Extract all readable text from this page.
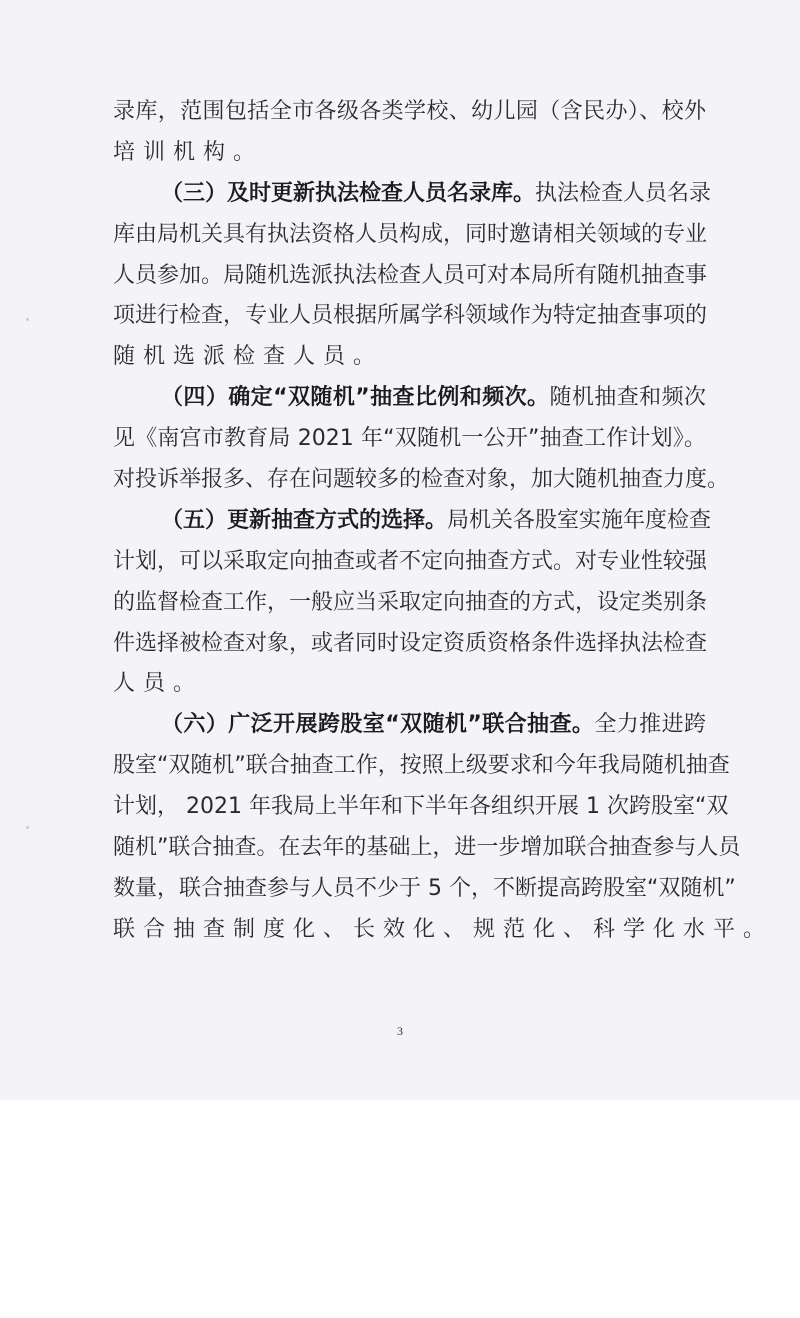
录库，范围包括全市各级各类学校、幼儿园（含民办）、校外
培训机构。
（三）及时更新执法检查人员名录库。执法检查人员名录
库由局机关具有执法资格人员构成，同时邀请相关领域的专业
人员参加。局随机选派执法检查人员可对本局所有随机抽查事
项进行检查，专业人员根据所属学科领域作为特定抽查事项的
随机选派检查人员。
（四）确定“双随机”抽查比例和频次。随机抽查和频次
见《南宫市教育局 2021 年“双随机一公开”抽查工作计划》。
对投诉举报多、存在问题较多的检查对象，加大随机抽查力度。
（五）更新抽查方式的选择。局机关各股室实施年度检查
计划，可以采取定向抽查或者不定向抽查方式。对专业性较强
的监督检查工作，一般应当采取定向抽查的方式，设定类别条
件选择被检查对象，或者同时设定资质资格条件选择执法检查
人员。
（六）广泛开展跨股室“双随机”联合抽查。全力推进跨
股室“双随机”联合抽查工作，按照上级要求和今年我局随机抽查
计划， 2021 年我局上半年和下半年各组织开展 1 次跨股室“双
随机”联合抽查。在去年的基础上，进一步增加联合抽查参与人员
数量，联合抽查参与人员不少于 5 个，不断提高跨股室“双随机”
联合抽查制度化、长效化、规范化、科学化水平。
3
